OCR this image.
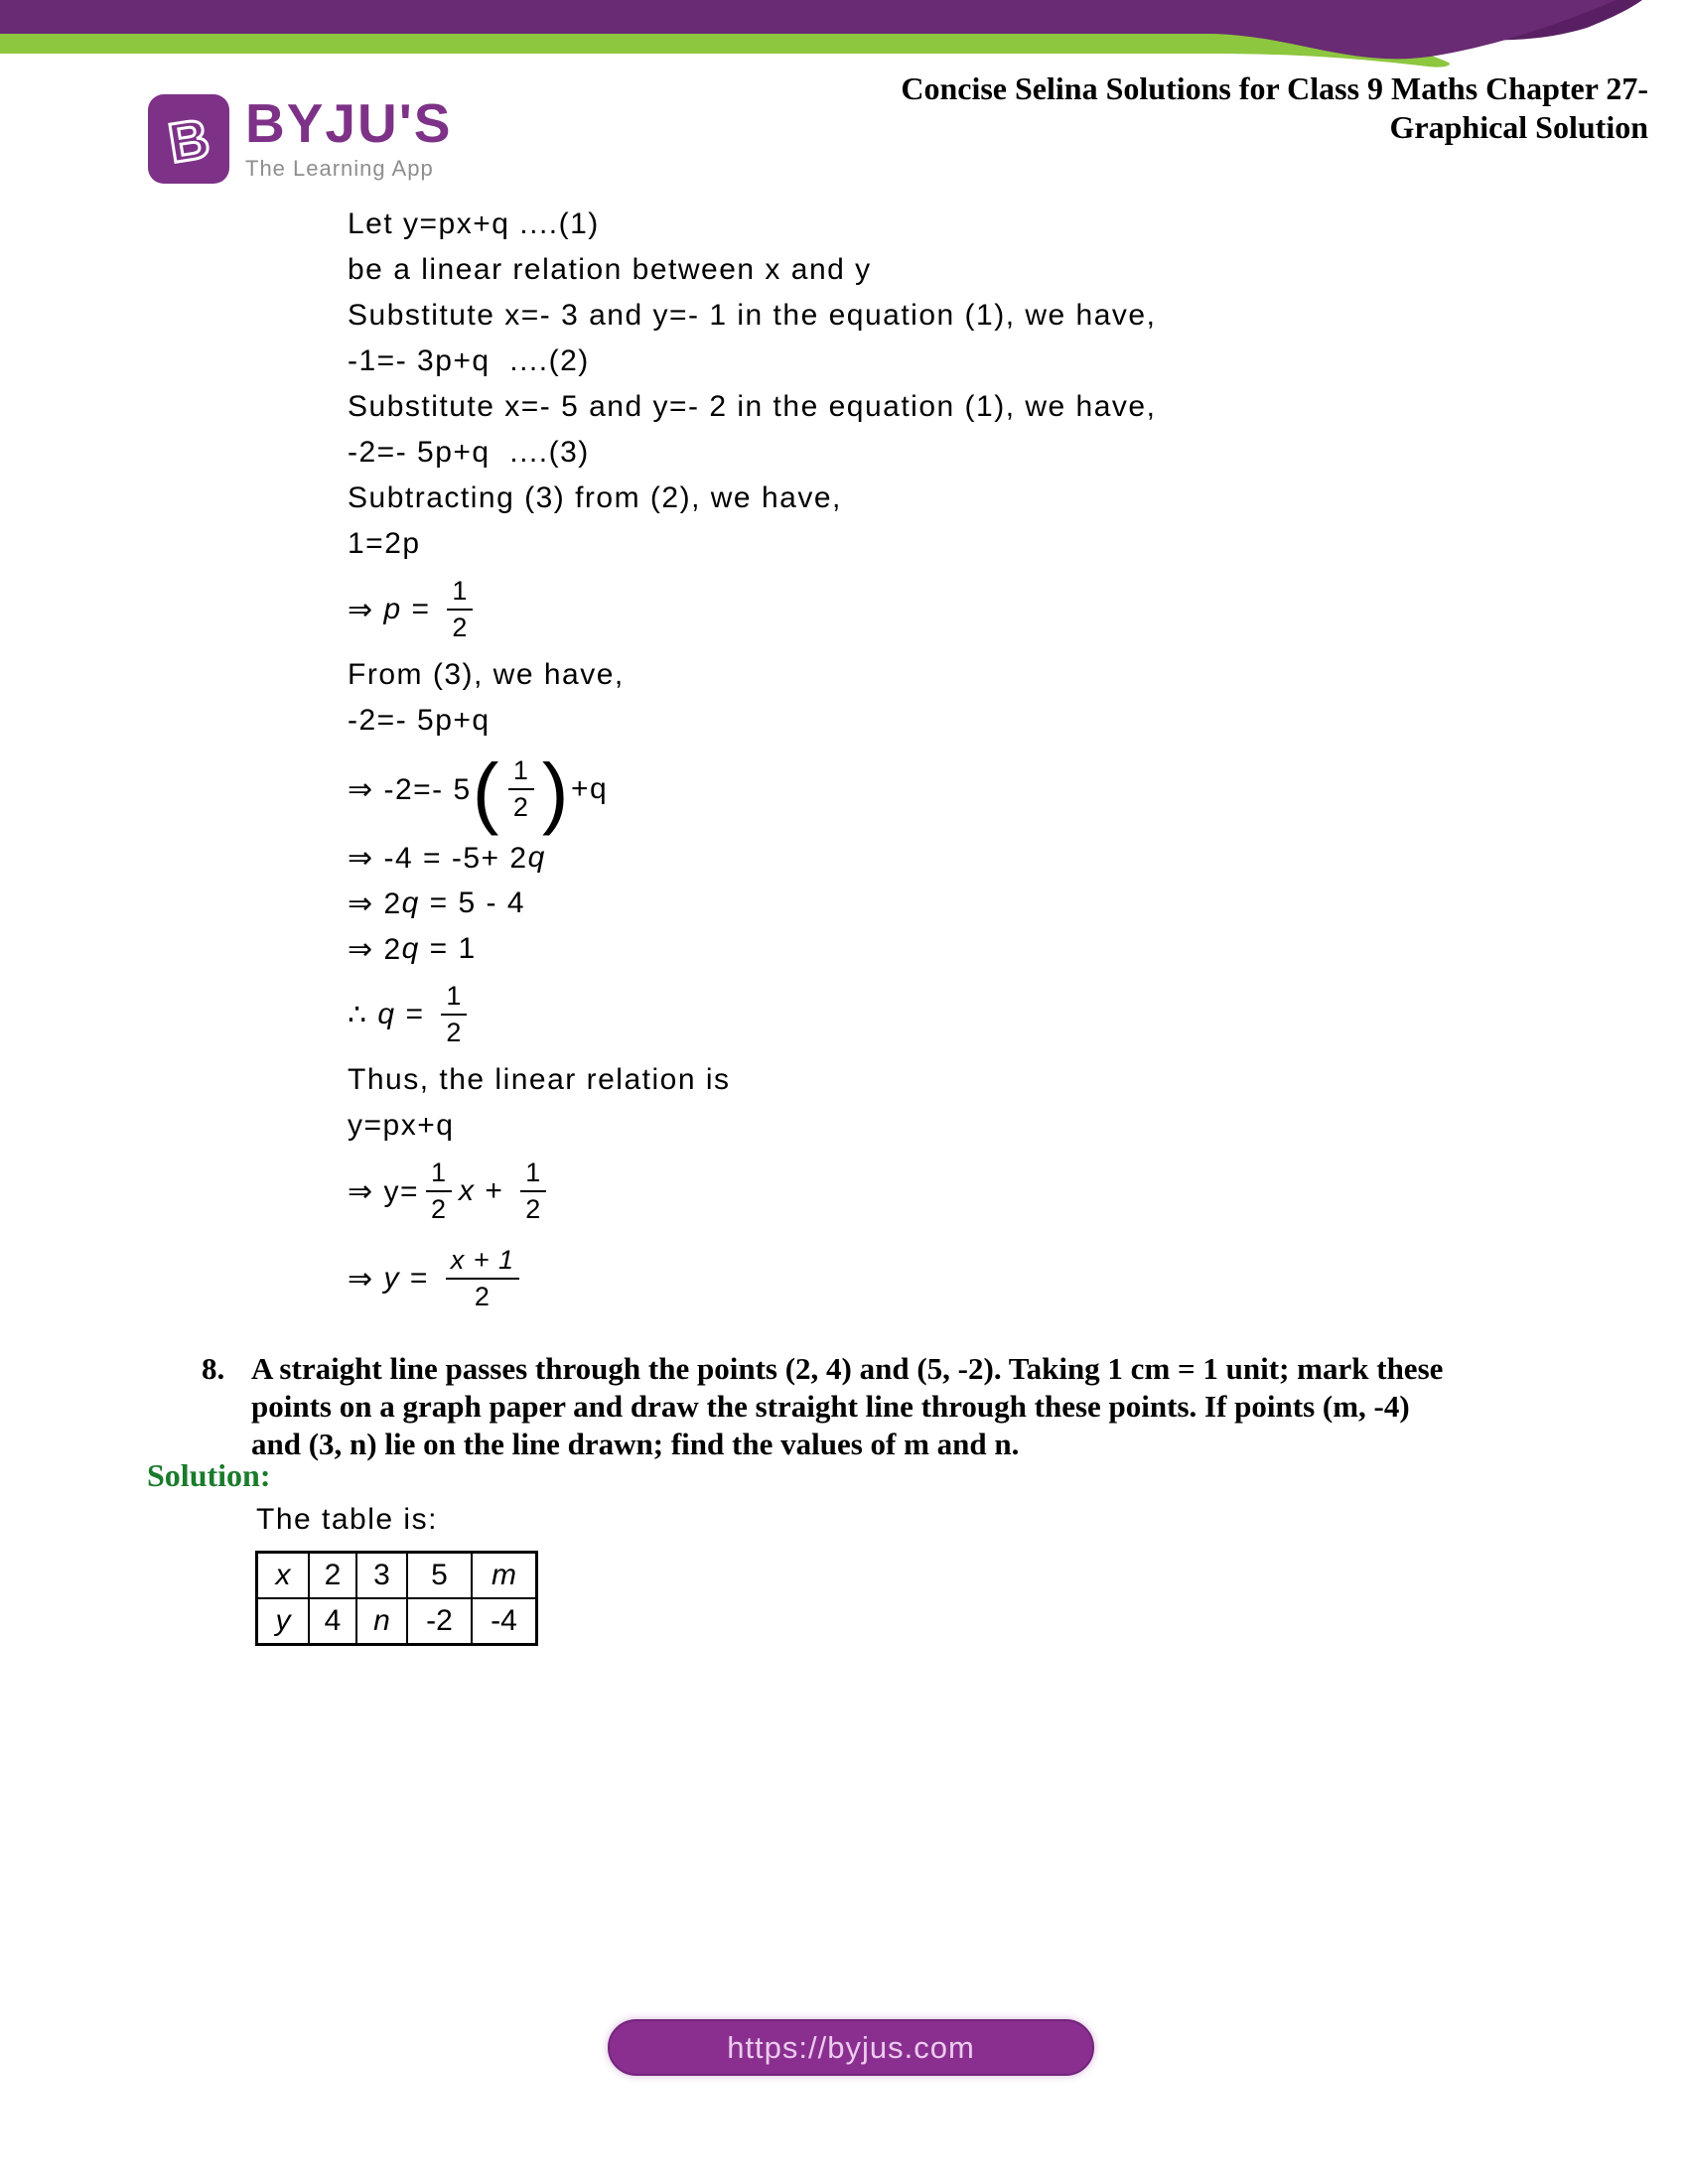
B BYJU'S
The Learning App
Concise Selina Solutions for Class 9 Maths Chapter 27-
Graphical Solution
Let y=px+q ....(1)
be a linear relation between x and y
Substitute x=- 3 and y=- 1 in the equation (1), we have,
-1=- 3p+q  ....(2)
Substitute x=- 5 and y=- 2 in the equation (1), we have,
-2=- 5p+q  ....(3)
Subtracting (3) from (2), we have,
1=2p
⇒ $p = \frac{1}{2}$
From (3), we have,
-2=- 5p+q
⇒ -2=- 5 ( $\frac{1}{2}$ ) +q
⇒ -4 = -5+ 2 q
⇒ 2 q = 5 - 4
⇒ 2 q = 1
∴ $q = \frac{1}{2}$
Thus, the linear relation is
y=px+q
⇒ $y= \frac{1}{2}$ $x + \frac{1}{2}$
⇒ $y = \frac{x + 1}{2}$
8. A straight line passes through the points (2, 4) and (5, -2). Taking 1 cm = 1 unit; mark these
points on a graph paper and draw the straight line through these points. If points (m, -4)
and (3, n) lie on the line drawn; find the values of m and n.
Solution:
The table is:
x	2	3	5	m
y	4	n	-2	-4
https://byjus.com
